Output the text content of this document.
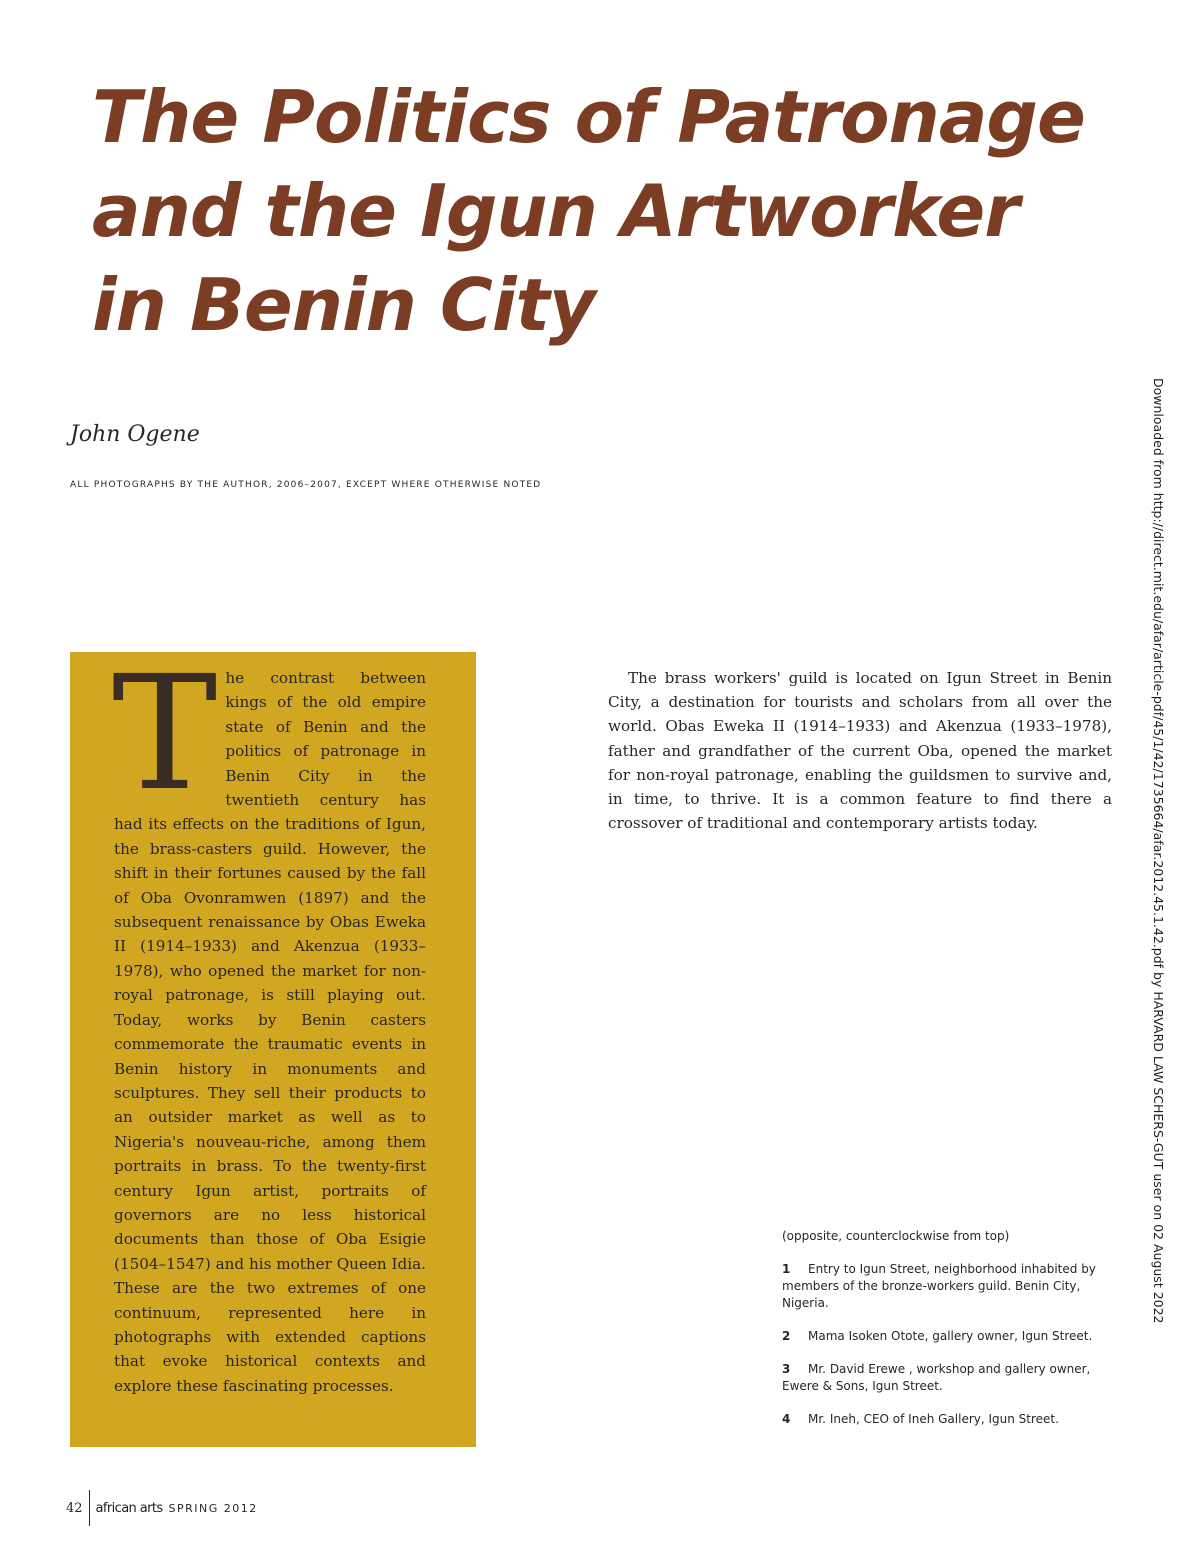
The Politics of Patronage
and the Igun Artworker
in Benin City
John Ogene
ALL PHOTOGRAPHS BY THE AUTHOR, 2006–2007, EXCEPT WHERE OTHERWISE NOTED	Downloaded from http://direct.mit.edu/afar/article-pdf/45/1/42/1735664/afar.2012.45.1.42.pdf by HARVARD LAW SCHERS-GUT user on 02 August 2022

The contrast between kings of the old empire state of Benin and the politics of patronage in Benin City in the twentieth century has had its effects on the traditions of Igun, the brass-casters guild. However, the shift in their fortunes caused by the fall of Oba Ovonramwen (1897) and the subsequent renaissance by Obas Eweka II (1914–1933) and Akenzua (1933–1978), who opened the market for non-royal patronage, is still playing out. Today, works by Benin casters commemorate the traumatic events in Benin history in monuments and sculptures. They sell their products to an outsider market as well as to Nigeria's nouveau-riche, among them portraits in brass. To the twenty-first century Igun artist, portraits of governors are no less historical documents than those of Oba Esigie (1504–1547) and his mother Queen Idia. These are the two extremes of one continuum, represented here in photographs with extended captions that evoke historical contexts and explore these fascinating processes.

The brass workers' guild is located on Igun Street in Benin City, a destination for tourists and scholars from all over the world. Obas Eweka II (1914–1933) and Akenzua (1933–1978), father and grandfather of the current Oba, opened the market for non-royal patronage, enabling the guildsmen to survive and, in time, to thrive. It is a common feature to find there a crossover of traditional and contemporary artists today.

(opposite, counterclockwise from top)

1 Entry to Igun Street, neighborhood inhabited by members of the bronze-workers guild. Benin City, Nigeria.

2 Mama Isoken Otote, gallery owner, Igun Street.

3 Mr. David Erewe , workshop and gallery owner, Ewere & Sons, Igun Street.

4 Mr. Ineh, CEO of Ineh Gallery, Igun Street.

42	african arts SPRING 2012
